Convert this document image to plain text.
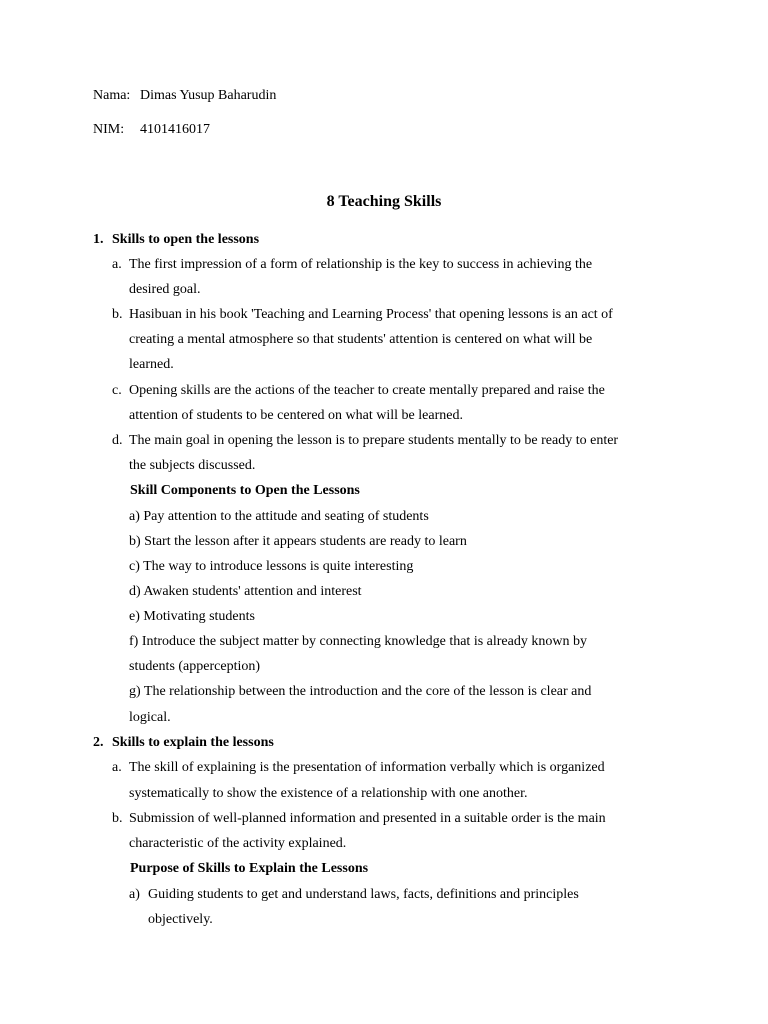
Nama: Dimas Yusup Baharudin
NIM: 4101416017
8 Teaching Skills
1. Skills to open the lessons
a. The first impression of a form of relationship is the key to success in achieving the
desired goal.
b. Hasibuan in his book 'Teaching and Learning Process' that opening lessons is an act of
creating a mental atmosphere so that students' attention is centered on what will be
learned.
c. Opening skills are the actions of the teacher to create mentally prepared and raise the
attention of students to be centered on what will be learned.
d. The main goal in opening the lesson is to prepare students mentally to be ready to enter
the subjects discussed.
Skill Components to Open the Lessons
a) Pay attention to the attitude and seating of students
b) Start the lesson after it appears students are ready to learn
c) The way to introduce lessons is quite interesting
d) Awaken students' attention and interest
e) Motivating students
f) Introduce the subject matter by connecting knowledge that is already known by
students (apperception)
g) The relationship between the introduction and the core of the lesson is clear and
logical.
2. Skills to explain the lessons
a. The skill of explaining is the presentation of information verbally which is organized
systematically to show the existence of a relationship with one another.
b. Submission of well-planned information and presented in a suitable order is the main
characteristic of the activity explained.
Purpose of Skills to Explain the Lessons
a) Guiding students to get and understand laws, facts, definitions and principles
objectively.
